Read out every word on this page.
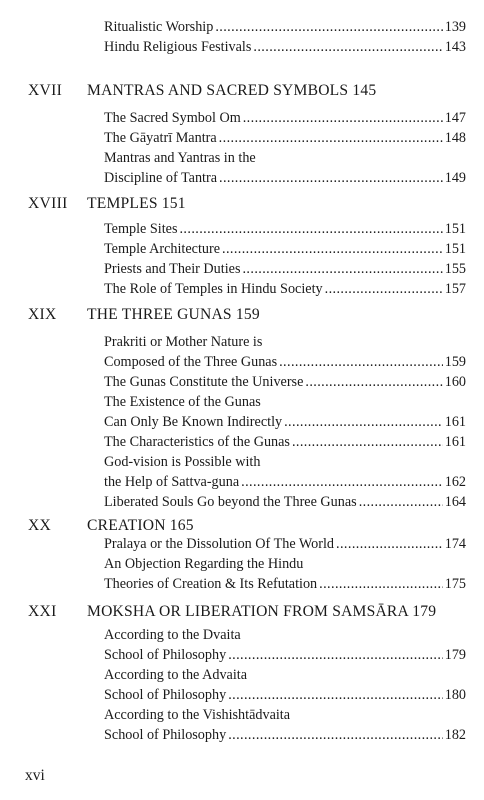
Ritualistic Worship .....	139
Hindu Religious Festivals .....	143
XVII MANTRAS AND SACRED SYMBOLS 145
The Sacred Symbol Om .....	147
The Gāyatrī Mantra .....	148
Mantras and Yantras in the
Discipline of Tantra .....	149
XVIII TEMPLES 151
Temple Sites .....	151
Temple Architecture .....	151
Priests and Their Duties .....	155
The Role of Temples in Hindu Society .....	157
XIX THE THREE GUNAS 159
Prakriti or Mother Nature is
Composed of the Three Gunas .....	159
The Gunas Constitute the Universe .....	160
The Existence of the Gunas
Can Only Be Known Indirectly .....	161
The Characteristics of the Gunas .....	161
God-vision is Possible with
the Help of Sattva-guna .....	162
Liberated Souls Go beyond the Three Gunas .....	164
XX CREATION 165
Pralaya or the Dissolution Of The World .....	174
An Objection Regarding the Hindu
Theories of Creation & Its Refutation .....	175
XXI MOKSHA OR LIBERATION FROM SAMSĀRA 179
According to the Dvaita
School of Philosophy .....	179
According to the Advaita
School of Philosophy .....	180
According to the Vishishtādvaita
School of Philosophy .....	182
xvi
